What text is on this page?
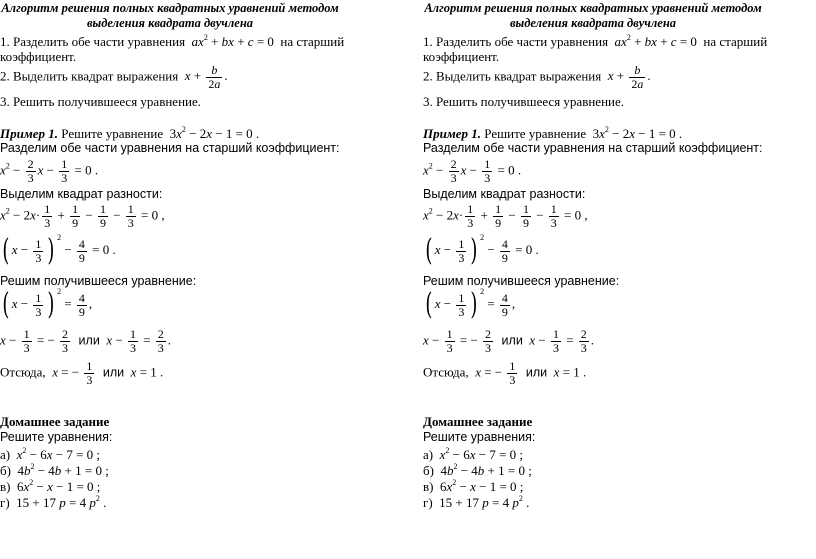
Алгоритм решения полных квадратных уравнений методом выделения квадрата двучлена
1. Разделить обе части уравнения $ax^2$ + bx + c = 0  на старший
коэффициент.
2. Выделить квадрат выражения $x + \frac{b}{2a}$ .
3. Решить получившееся уравнение.
Пример 1. Решите уравнение  $3x^2 - 2x - 1 = 0$ .
Разделим обе части уравнения на старший коэффициент:
$x^2 - \frac{2}{3}$ $x - \frac{1}{3} = 0$ .
Выделим квадрат разности:
$x^2 - 2x\cdot \frac{1}{3} + \frac{1}{9} - \frac{1}{9} - \frac{1}{3} = 0$ ,
( $x - \frac{1}{3}$ ) $^2 - \frac{4}{9} = 0$ .
Решим получившееся уравнение:
( $x - \frac{1}{3}$ ) $^2 = \frac{4}{9}$ ,
$x - \frac{1}{3}$ = − $\frac{2}{3}$ или $x - \frac{1}{3} = \frac{2}{3}$ .
Отсюда, x = − $\frac{1}{3}$ или x = 1 .
Домашнее задание
Решите уравнения:
а) $x^2 - 6x - 7 = 0$ ;
б)  $4b^2 - 4b + 1 = 0$ ;
в)  $6x^2 - x - 1 = 0$ ;
г)  15 + 17 p = 4 $p^2$ .
Алгоритм решения полных квадратных уравнений методом выделения квадрата двучлена
1. Разделить обе части уравнения $ax^2$ + bx + c = 0  на старший
коэффициент.
2. Выделить квадрат выражения $x + \frac{b}{2a}$ .
3. Решить получившееся уравнение.
Пример 1. Решите уравнение  $3x^2 - 2x - 1 = 0$ .
Разделим обе части уравнения на старший коэффициент:
$x^2 - \frac{2}{3}$ $x - \frac{1}{3} = 0$ .
Выделим квадрат разности:
$x^2 - 2x\cdot \frac{1}{3} + \frac{1}{9} - \frac{1}{9} - \frac{1}{3} = 0$ ,
( $x - \frac{1}{3}$ ) $^2 - \frac{4}{9} = 0$ .
Решим получившееся уравнение:
( $x - \frac{1}{3}$ ) $^2 = \frac{4}{9}$ ,
$x - \frac{1}{3}$ = − $\frac{2}{3}$ или $x - \frac{1}{3} = \frac{2}{3}$ .
Отсюда, x = − $\frac{1}{3}$ или x = 1 .
Домашнее задание
Решите уравнения:
а) $x^2 - 6x - 7 = 0$ ;
б)  $4b^2 - 4b + 1 = 0$ ;
в)  $6x^2 - x - 1 = 0$ ;
г)  15 + 17 p = 4 $p^2$ .
